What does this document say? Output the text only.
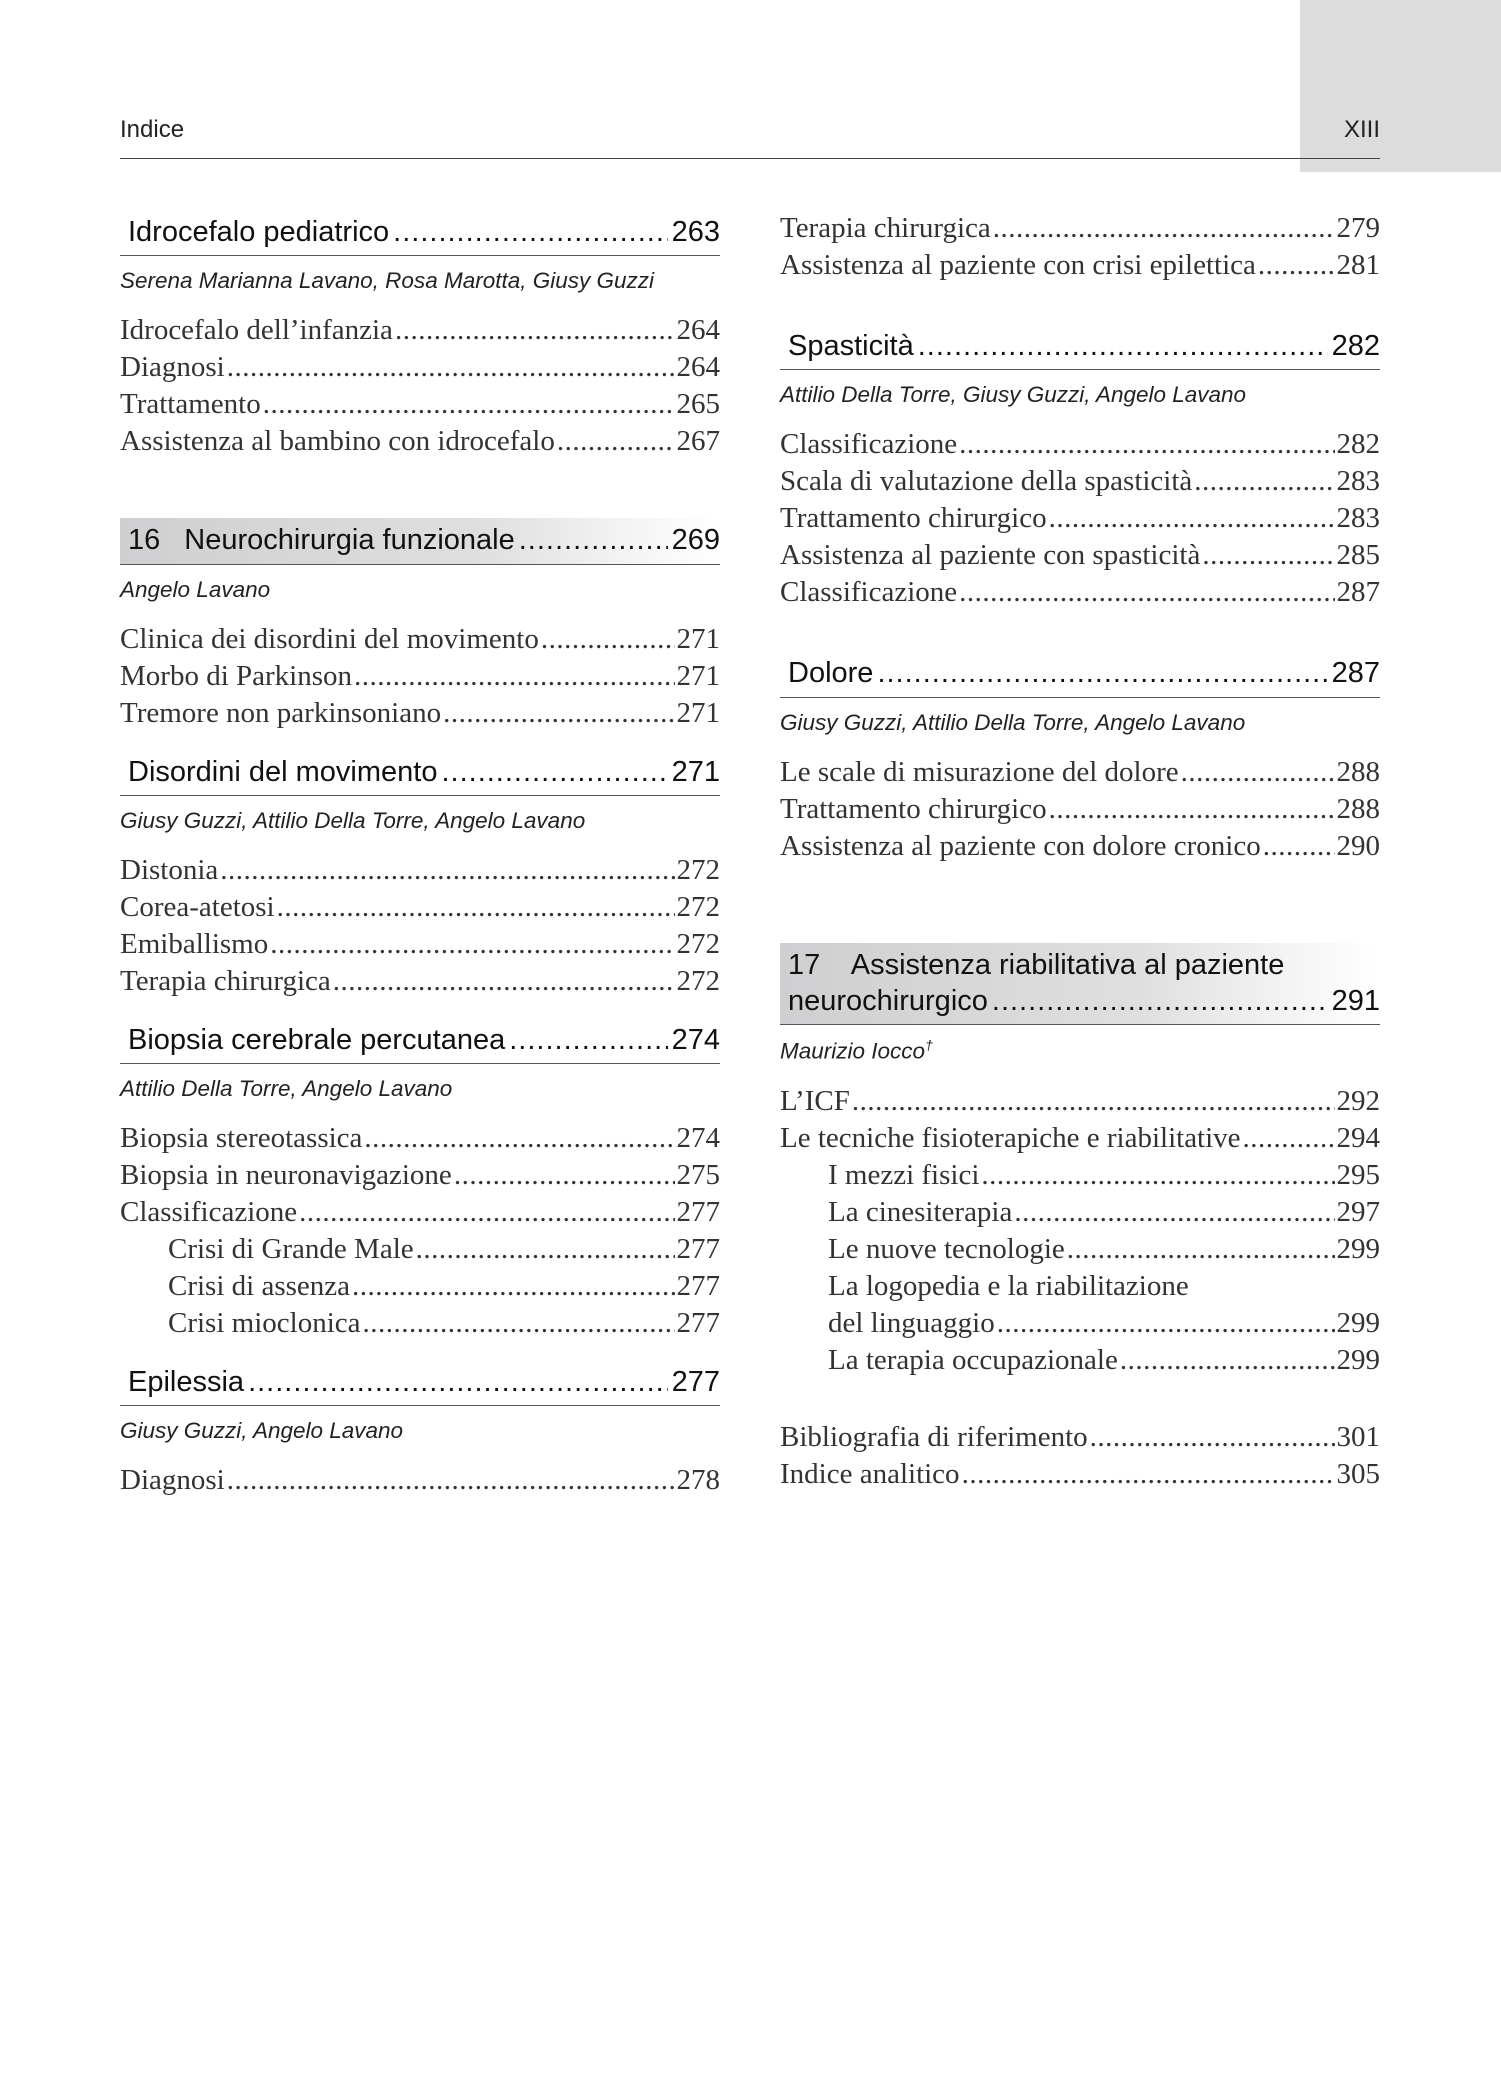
Indice	XIII
Idrocefalo pediatrico .....	263
Serena Marianna Lavano, Rosa Marotta, Giusy Guzzi
Idrocefalo dell’infanzia .....	264
Diagnosi .....	264
Trattamento .....	265
Assistenza al bambino con idrocefalo .....	267
16 Neurochirurgia funzionale .....	269
Angelo Lavano
Clinica dei disordini del movimento .....	271
Morbo di Parkinson .....	271
Tremore non parkinsoniano .....	271
Disordini del movimento .....	271
Giusy Guzzi, Attilio Della Torre, Angelo Lavano
Distonia .....	272
Corea-atetosi .....	272
Emiballismo .....	272
Terapia chirurgica .....	272
Biopsia cerebrale percutanea .....	274
Attilio Della Torre, Angelo Lavano
Biopsia stereotassica .....	274
Biopsia in neuronavigazione .....	275
Classificazione .....	277
Crisi di Grande Male .....	277
Crisi di assenza .....	277
Crisi mioclonica .....	277
Epilessia .....	277
Giusy Guzzi, Angelo Lavano
Diagnosi .....	278
Terapia chirurgica .....	279
Assistenza al paziente con crisi epilettica .....	281
Spasticità .....	282
Attilio Della Torre, Giusy Guzzi, Angelo Lavano
Classificazione .....	282
Scala di valutazione della spasticità .....	283
Trattamento chirurgico .....	283
Assistenza al paziente con spasticità .....	285
Classificazione .....	287
Dolore .....	287
Giusy Guzzi, Attilio Della Torre, Angelo Lavano
Le scale di misurazione del dolore .....	288
Trattamento chirurgico .....	288
Assistenza al paziente con dolore cronico .....	290
17 Assistenza riabilitativa al paziente
neurochirurgico .....	291
Maurizio Iocco†
L’ICF .....	292
Le tecniche fisioterapiche e riabilitative .....	294
I mezzi fisici .....	295
La cinesiterapia .....	297
Le nuove tecnologie .....	299
La logopedia e la riabilitazione
del linguaggio .....	299
La terapia occupazionale .....	299
Bibliografia di riferimento .....	301
Indice analitico .....	305
